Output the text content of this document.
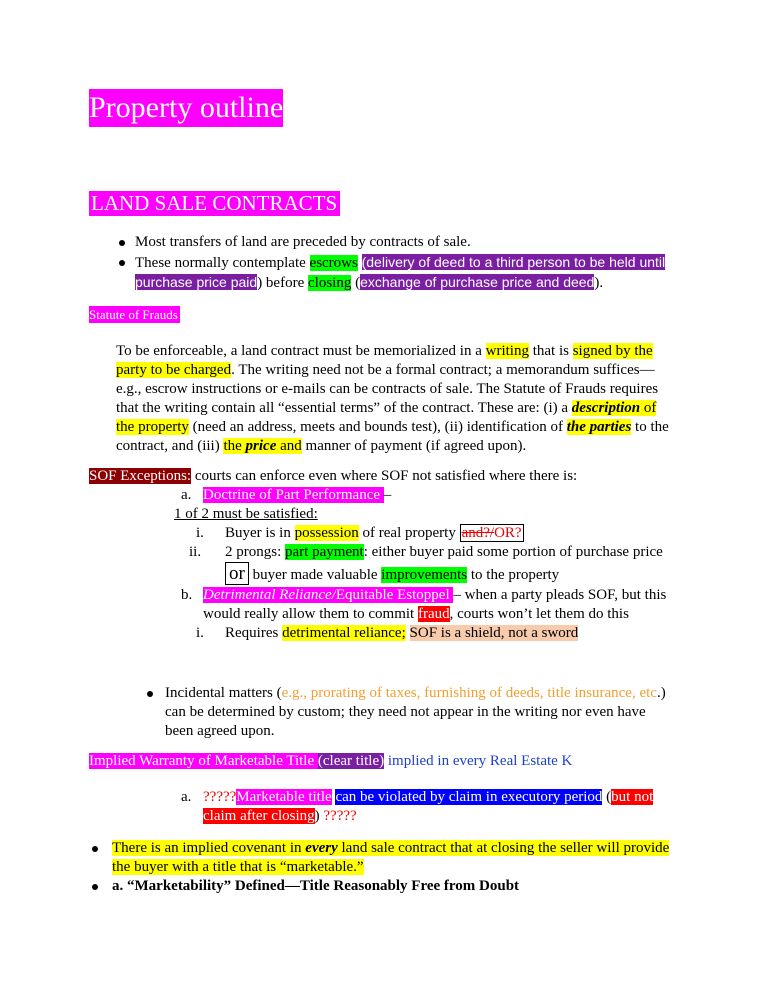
Property outline
LAND SALE CONTRACTS
Most transfers of land are preceded by contracts of sale.
These normally contemplate escrows (delivery of deed to a third person to be held until
purchase price paid) before closing (exchange of purchase price and deed).
Statute of Frauds
To be enforceable, a land contract must be memorialized in a writing that is signed by the
party to be charged. The writing need not be a formal contract; a memorandum suffices—
e.g., escrow instructions or e-mails can be contracts of sale. The Statute of Frauds requires
that the writing contain all “essential terms” of the contract. These are: (i) a description of
the property (need an address, meets and bounds test), (ii) identification of the parties to the
contract, and (iii) the price and manner of payment (if agreed upon).
SOF Exceptions: courts can enforce even where SOF not satisfied where there is:
a. Doctrine of Part Performance –
1 of 2 must be satisfied:
i. Buyer is in possession of real property and?/OR?
ii. 2 prongs: part payment: either buyer paid some portion of purchase price
or buyer made valuable improvements to the property
b. Detrimental Reliance/Equitable Estoppel – when a party pleads SOF, but this
would really allow them to commit fraud, courts won’t let them do this
i. Requires detrimental reliance; SOF is a shield, not a sword
Incidental matters (e.g., prorating of taxes, furnishing of deeds, title insurance, etc.)
can be determined by custom; they need not appear in the writing nor even have
been agreed upon.
Implied Warranty of Marketable Title (clear title) implied in every Real Estate K
a. ?????Marketable title can be violated by claim in executory period (but not
claim after closing) ?????
There is an implied covenant in every land sale contract that at closing the seller will provide
the buyer with a title that is “marketable.”
a. “Marketability” Defined—Title Reasonably Free from Doubt
